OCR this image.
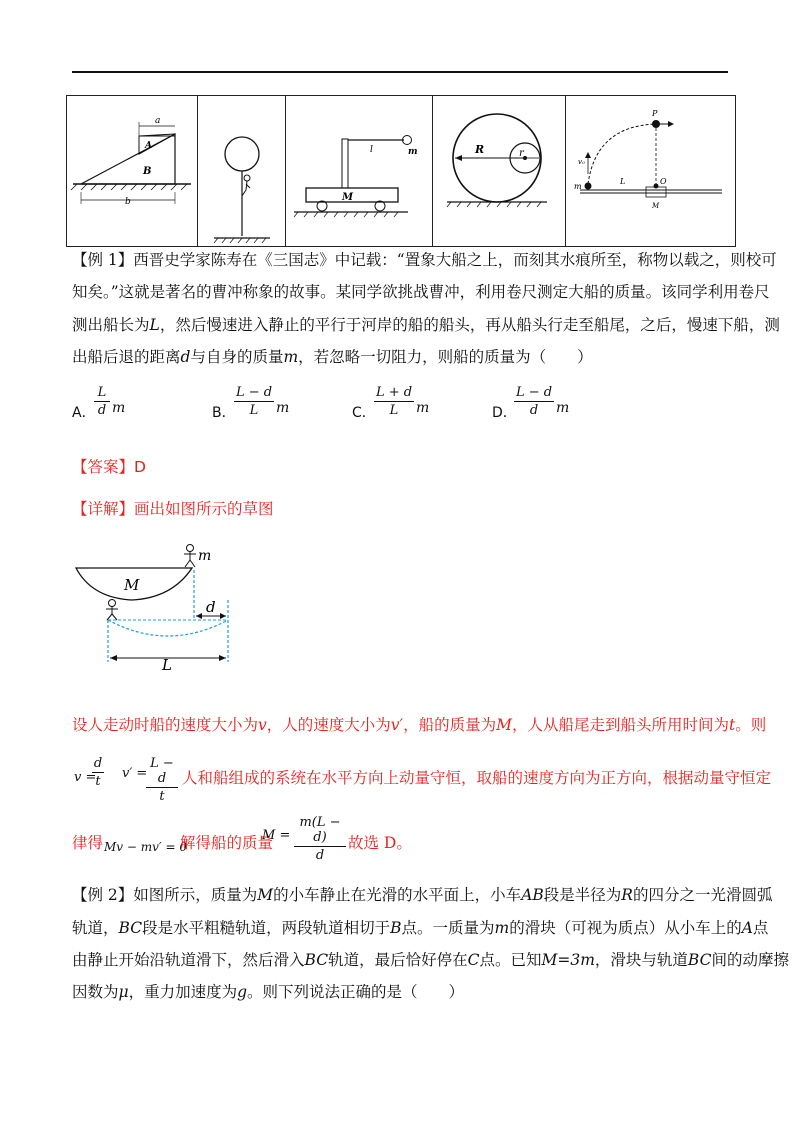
a
A
B
b
l	m
M
R	r
P
v₀
m
L	O
M
【例 1】西晋史学家陈寿在《三国志》中记载：“置象大船之上，而刻其水痕所至，称物以载之，则校可
知矣。”这就是著名的曹冲称象的故事。某同学欲挑战曹冲，利用卷尺测定大船的质量。该同学利用卷尺
测出船长为L，然后慢速进入静止的平行于河岸的船的船头，再从船头行走至船尾，之后，慢速下船，测
出船后退的距离d与自身的质量m，若忽略一切阻力，则船的质量为（　　）
A．
L
d m	B．
L − d
L	m	C．
L + d
L	m	D．
L − d
d	m
【答案】D
【详解】画出如图所示的草图
m
M
d
L
设人走动时船的速度大小为v，人的速度大小为v′，船的质量为M，人从船尾走到船头所用时间为t。则
v =
d
t
v′ =
L − d
t
人和船组成的系统在水平方向上动量守恒，取船的速度方向为正方向，根据动量守恒定
律得 Mv − mv′ = 0
解得船的质量
M =
m(L − d)
d
故选 D。
【例 2】如图所示，质量为M的小车静止在光滑的水平面上，小车AB段是半径为R的四分之一光滑圆弧
轨道，BC段是水平粗糙轨道，两段轨道相切于B点。一质量为m的滑块（可视为质点）从小车上的A点
由静止开始沿轨道滑下，然后滑入BC轨道，最后恰好停在C点。已知M=3m，滑块与轨道BC间的动摩擦
因数为μ，重力加速度为g。则下列说法正确的是（　　）
